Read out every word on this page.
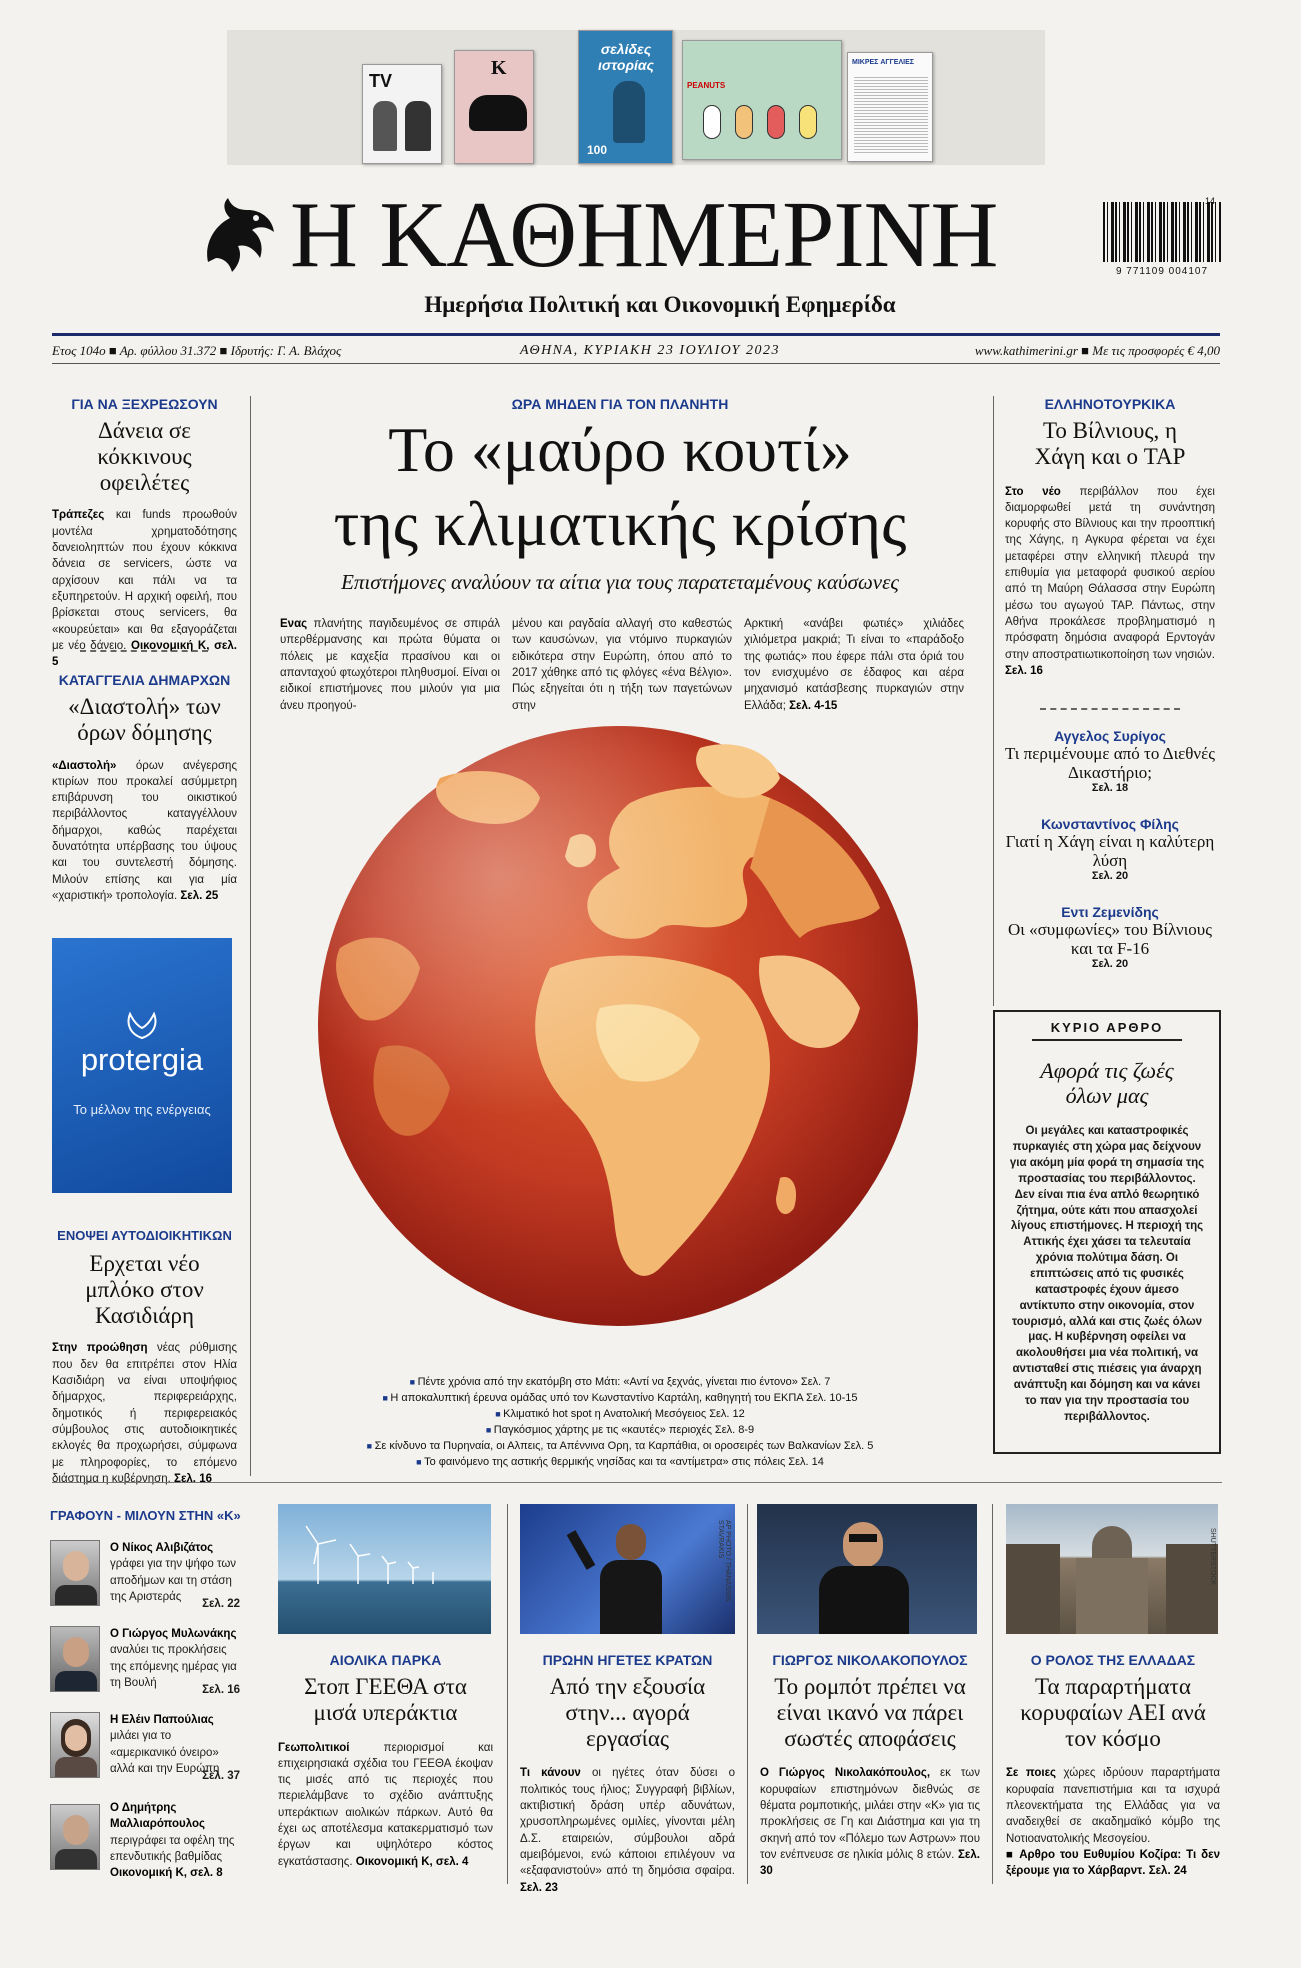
TV
K
σελίδες ιστορίας
100
PEANUTS
MIKPEΣ AΓΓΕΛΙΕΣ
Η ΚΑΘΗΜΕΡΙΝΗ
Ημερήσια Πολιτική και Οικονομική Εφημερίδα
14
9 771109 004107
Ετος 104ο ■ Αρ. φύλλου 31.372 ■ Ιδρυτής: Γ. Α. Βλάχος	ΑΘΗΝΑ, ΚΥΡΙΑΚΗ 23 ΙΟΥΛΙΟΥ 2023	www.kathimerini.gr ■ Με τις προσφορές € 4,00
ΓΙΑ ΝΑ ΞΕΧΡΕΩΣΟΥΝ
Δάνεια σε κόκκινους οφειλέτες
Τράπεζες και funds προωθούν μοντέλα χρηματοδότησης δανειοληπτών που έχουν κόκκινα δάνεια σε servicers, ώστε να αρχίσουν και πάλι να τα εξυπηρετούν. Η αρχική οφειλή, που βρίσκεται στους servicers, θα «κουρεύεται» και θα εξαγοράζεται με νέο δάνειο. Οικονομική Κ, σελ. 5
ΚΑΤΑΓΓΕΛΙΑ ΔΗΜΑΡΧΩΝ
«Διαστολή» των όρων δόμησης
«Διαστολή» όρων ανέγερσης κτιρίων που προκαλεί ασύμμετρη επιβάρυνση του οικιστικού περιβάλλοντος καταγγέλλουν δήμαρχοι, καθώς παρέχεται δυνατότητα υπέρβασης του ύψους και του συντελεστή δόμησης. Μιλούν επίσης και για μία «χαριστική» τροπολογία. Σελ. 25
protergia
Το μέλλον της ενέργειας
ΕΝΟΨΕΙ ΑΥΤΟΔΙΟΙΚΗΤΙΚΩΝ
Ερχεται νέο μπλόκο στον Κασιδιάρη
Στην προώθηση νέας ρύθμισης που δεν θα επιτρέπει στον Ηλία Κασιδιάρη να είναι υποψήφιος δήμαρχος, περιφερειάρχης, δημοτικός ή περιφερειακός σύμβουλος στις αυτοδιοικητικές εκλογές θα προχωρήσει, σύμφωνα με πληροφορίες, το επόμενο διάστημα η κυβέρνηση. Σελ. 16
ΓΡΑΦΟΥΝ - ΜΙΛΟΥΝ ΣΤΗΝ «Κ»
Ο Νίκος Αλιβιζάτος γράφει για την ψήφο των αποδήμων και τη στάση της Αριστεράς
Σελ. 22
Ο Γιώργος Μυλωνάκης αναλύει τις προκλήσεις της επόμενης ημέρας για τη Βουλή
Σελ. 16
Η Ελέιν Παπούλιας μιλάει για το «αμερικανικό όνειρο» αλλά και την Ευρώπη
Σελ. 37
Ο Δημήτρης Μαλλιαρόπουλος περιγράφει τα οφέλη της επενδυτικής βαθμίδας
Οικονομική Κ, σελ. 8
ΩΡΑ ΜΗΔΕΝ ΓΙΑ ΤΟΝ ΠΛΑΝΗΤΗ
Το «μαύρο κουτί»
της κλιματικής κρίσης
Επιστήμονες αναλύουν τα αίτια για τους παρατεταμένους καύσωνες
Ενας πλανήτης παγιδευμένος σε σπιράλ υπερθέρμανσης και πρώτα θύματα οι πόλεις με καχεξία πρασίνου και οι απανταχού φτωχότεροι πληθυσμοί. Είναι οι ειδικοί επιστήμονες που μιλούν για μια άνευ προηγού-
μένου και ραγδαία αλλαγή στο καθεστώς των καυσώνων, για ντόμινο πυρκαγιών ειδικότερα στην Ευρώπη, όπου από το 2017 χάθηκε από τις φλόγες «ένα Βέλγιο». Πώς εξηγείται ότι η τήξη των παγετώνων στην
Αρκτική «ανάβει φωτιές» χιλιάδες χιλιόμετρα μακριά; Τι είναι το «παράδοξο της φωτιάς» που έφερε πάλι στα όριά του τον ενισχυμένο σε έδαφος και αέρα μηχανισμό κατάσβεσης πυρκαγιών στην Ελλάδα; Σελ. 4-15
■ Πέντε χρόνια από την εκατόμβη στο Μάτι: «Αντί να ξεχνάς, γίνεται πιο έντονο» Σελ. 7
■ Η αποκαλυπτική έρευνα ομάδας υπό τον Κωνσταντίνο Καρτάλη, καθηγητή του ΕΚΠΑ Σελ. 10-15
■ Κλιματικό hot spot η Ανατολική Μεσόγειος Σελ. 12
■ Παγκόσμιος χάρτης με τις «καυτές» περιοχές Σελ. 8-9
■ Σε κίνδυνο τα Πυρηναία, οι Αλπεις, τα Απέννινα Ορη, τα Καρπάθια, οι οροσειρές των Βαλκανίων Σελ. 5
■ Το φαινόμενο της αστικής θερμικής νησίδας και τα «αντίμετρα» στις πόλεις Σελ. 14
ΕΛΛΗΝΟΤΟΥΡΚΙΚΑ
Το Βίλνιους, η Χάγη και ο TAP
Στο νέο περιβάλλον που έχει διαμορφωθεί μετά τη συνάντηση κορυφής στο Βίλνιους και την προοπτική της Χάγης, η Αγκυρα φέρεται να έχει μεταφέρει στην ελληνική πλευρά την επιθυμία για μεταφορά φυσικού αερίου από τη Μαύρη Θάλασσα στην Ευρώπη μέσω του αγωγού TAP. Πάντως, στην Αθήνα προκάλεσε προβληματισμό η πρόσφατη δημόσια αναφορά Ερντογάν στην αποστρατιωτικοποίηση των νησιών. Σελ. 16
Αγγελος Συρίγος
Τι περιμένουμε από το Διεθνές Δικαστήριο;
Σελ. 18
Κωνσταντίνος Φίλης
Γιατί η Χάγη είναι η καλύτερη λύση
Σελ. 20
Εντι Ζεμενίδης
Οι «συμφωνίες» του Βίλνιους και τα F-16
Σελ. 20
ΚΥΡΙΟ ΑΡΘΡΟ
Αφορά τις ζωές όλων μας
Οι μεγάλες και καταστροφικές πυρκαγιές στη χώρα μας δείχνουν για ακόμη μία φορά τη σημασία της προστασίας του περιβάλλοντος. Δεν είναι πια ένα απλό θεωρητικό ζήτημα, ούτε κάτι που απασχολεί λίγους επιστήμονες. Η περιοχή της Αττικής έχει χάσει τα τελευταία χρόνια πολύτιμα δάση. Οι επιπτώσεις από τις φυσικές καταστροφές έχουν άμεσο αντίκτυπο στην οικονομία, στον τουρισμό, αλλά και στις ζωές όλων μας. Η κυβέρνηση οφείλει να ακολουθήσει μια νέα πολιτική, να αντισταθεί στις πιέσεις για άναρχη ανάπτυξη και δόμηση και να κάνει το παν για την προστασία του περιβάλλοντος.
AP PHOTO / THANASSIS STAVRAKIS	SHUTTERSTOCK
ΑΙΟΛΙΚΑ ΠΑΡΚΑ
Στοπ ΓΕΕΘΑ στα μισά υπεράκτια
Γεωπολιτικοί περιορισμοί και επιχειρησιακά σχέδια του ΓΕΕΘΑ έκοψαν τις μισές από τις περιοχές που περιελάμβανε το σχέδιο ανάπτυξης υπεράκτιων αιολικών πάρκων. Αυτό θα έχει ως αποτέλεσμα κατακερματισμό των έργων και υψηλότερο κόστος εγκατάστασης. Οικονομική Κ, σελ. 4
ΠΡΩΗΝ ΗΓΕΤΕΣ ΚΡΑΤΩΝ
Από την εξουσία στην... αγορά εργασίας
Τι κάνουν οι ηγέτες όταν δύσει ο πολιτικός τους ήλιος; Συγγραφή βιβλίων, ακτιβιστική δράση υπέρ αδυνάτων, χρυσοπληρωμένες ομιλίες, γίνονται μέλη Δ.Σ. εταιρειών, σύμβουλοι αδρά αμειβόμενοι, ενώ κάποιοι επιλέγουν να «εξαφανιστούν» από τη δημόσια σφαίρα. Σελ. 23
ΓΙΩΡΓΟΣ ΝΙΚΟΛΑΚΟΠΟΥΛΟΣ
Το ρομπότ πρέπει να είναι ικανό να πάρει σωστές αποφάσεις
Ο Γιώργος Νικολακόπουλος, εκ των κορυφαίων επιστημόνων διεθνώς σε θέματα ρομποτικής, μιλάει στην «Κ» για τις προκλήσεις σε Γη και Διάστημα και για τη σκηνή από τον «Πόλεμο των Αστρων» που τον ενέπνευσε σε ηλικία μόλις 8 ετών. Σελ. 30
Ο ΡΟΛΟΣ ΤΗΣ ΕΛΛΑΔΑΣ
Τα παραρτήματα κορυφαίων ΑΕΙ ανά τον κόσμο
Σε ποιες χώρες ιδρύουν παραρτήματα κορυφαία πανεπιστήμια και τα ισχυρά πλεονεκτήματα της Ελλάδας για να αναδειχθεί σε ακαδημαϊκό κόμβο της Νοτιοανατολικής Μεσογείου.
■ Αρθρο του Ευθυμίου Κοζίρα: Τι δεν ξέρουμε για το Χάρβαρντ. Σελ. 24
